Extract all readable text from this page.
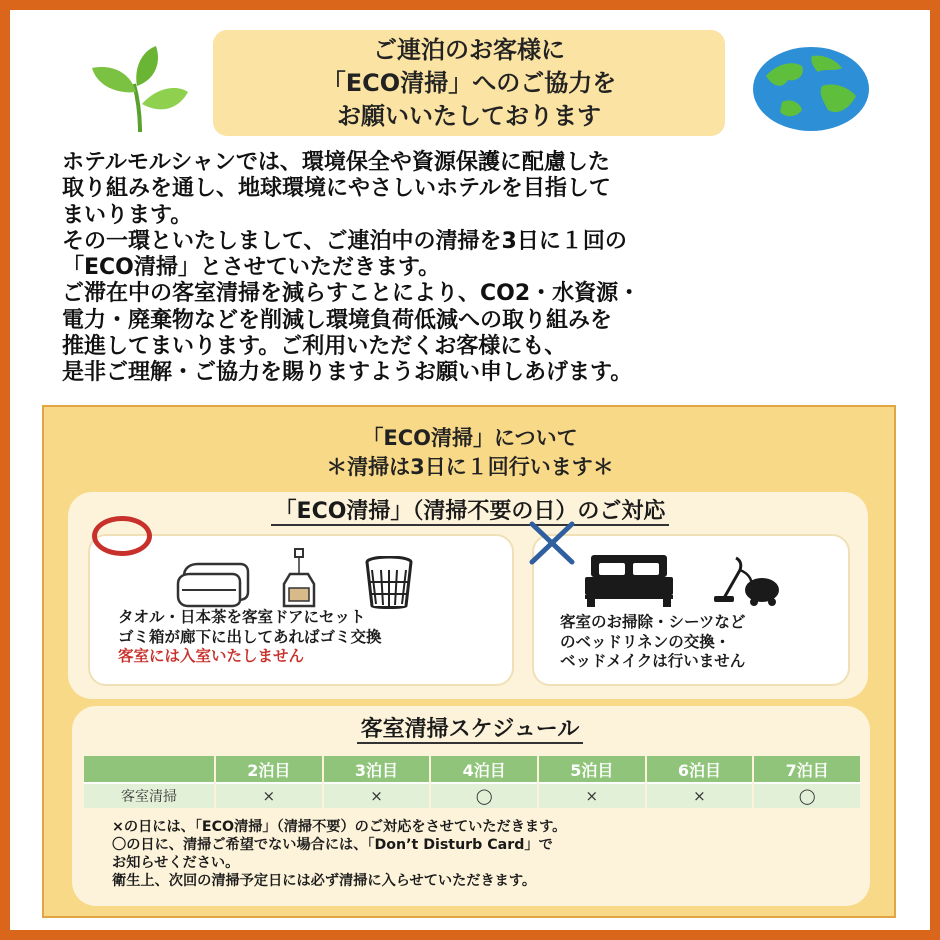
ご連泊のお客様に
「ECO清掃」へのご協力を
お願いいたしております

ホテルモルシャンでは、環境保全や資源保護に配慮した

取り組みを通し、地球環境にやさしいホテルを目指して

まいります。

その一環といたしまして、ご連泊中の清掃を3日に１回の

「ECO清掃」とさせていただきます。

ご滞在中の客室清掃を減らすことにより、CO2・水資源・

電力・廃棄物などを削減し環境負荷低減への取り組みを

推進してまいります。ご利用いただくお客様にも、

是非ご理解・ご協力を賜りますようお願い申しあげます。

「ECO清掃」について
＊清掃は3日に１回行います＊
「ECO清掃」（清掃不要の日）のご対応
タオル・日本茶を客室ドアにセット
ゴミ箱が廊下に出してあればゴミ交換
客室には入室いたしません
客室のお掃除・シーツなど
のベッドリネンの交換・
ベッドメイクは行いません
客室清掃スケジュール
	2泊目	3泊目	4泊目	5泊目	6泊目	7泊目
客室清掃	×	×	◯	×	×	◯
×の日には、「ECO清掃」（清掃不要）のご対応をさせていただきます。
〇の日に、清掃ご希望でない場合には、「Don’t Disturb Card」で
お知らせください。
衛生上、次回の清掃予定日には必ず清掃に入らせていただきます。
